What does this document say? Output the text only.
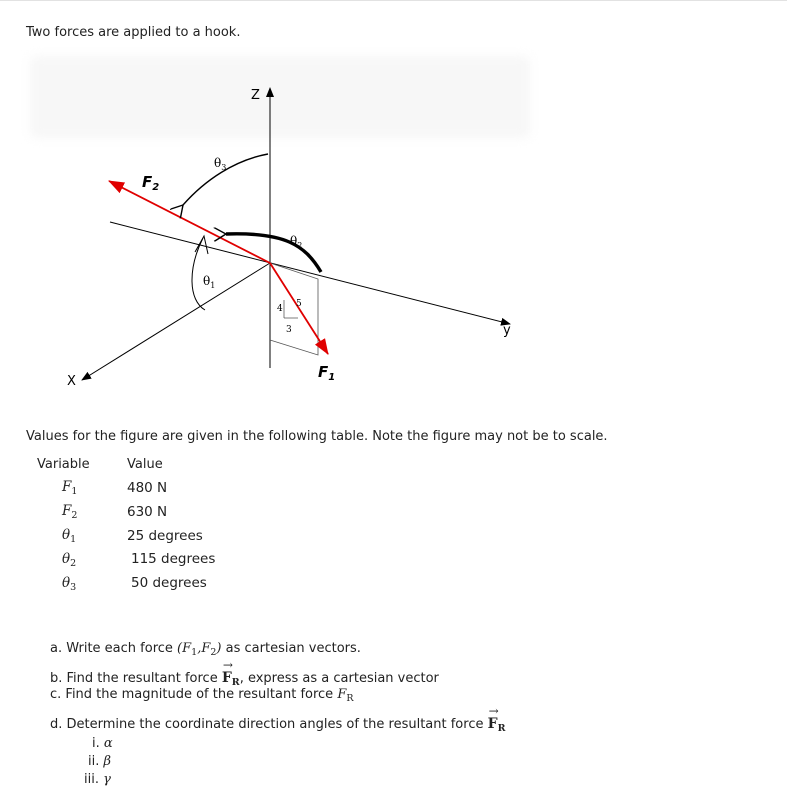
Two forces are applied to a hook.
Z
y
X
$F_2$
$F_1$
$\theta_3$
$\theta_2$
$\theta_1$
4 5
3
Values for the figure are given in the following table. Note the figure may not be to scale.
Variable	Value
$F_1$	480 N
$F_2$	630 N
$\theta_1$	25 degrees
$\theta_2$	115 degrees
$\theta_3$	50 degrees
a. Write each force $(F_1,F_2)$ as cartesian vectors.
b. Find the resultant force
→
$F_R$, express as a cartesian vector
c. Find the magnitude of the resultant force $F_R$
d. Determine the coordinate direction angles of the resultant force
→
$F_R$
i. α
ii. β
iii. γ
